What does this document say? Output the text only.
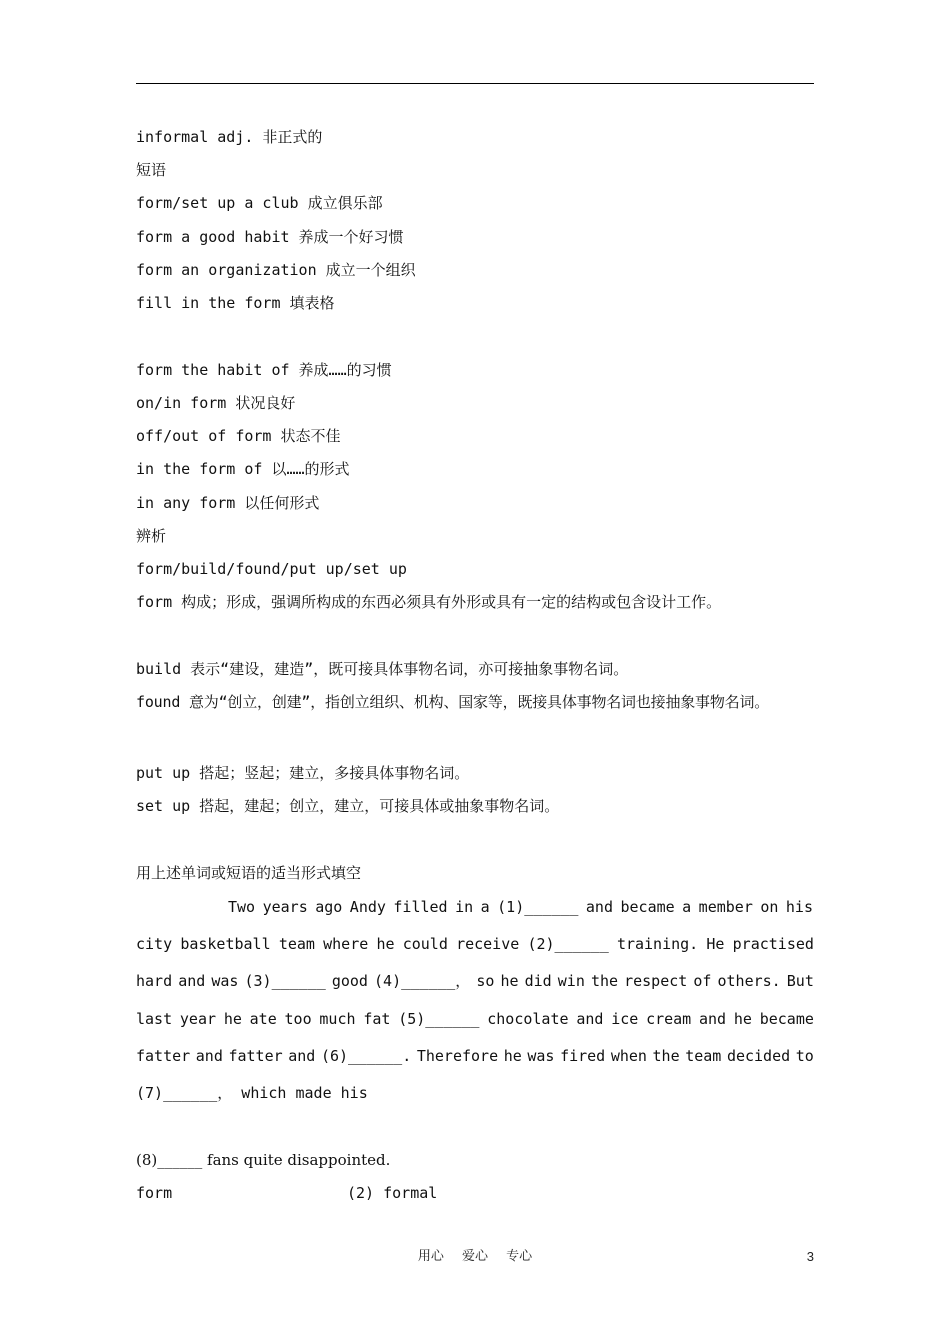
informal adj. 非正式的
短语
form/set up a club 成立俱乐部
form a good habit 养成一个好习惯
form an organization 成立一个组织
fill in the form 填表格
form the habit of 养成……的习惯
on/in form 状况良好
off/out of form 状态不佳
in the form of 以……的形式
in any form 以任何形式
辨析
form/build/found/put up/set up
form 构成；形成，强调所构成的东西必须具有外形或具有一定的结构或包含设计工作。
build 表示“建设，建造”，既可接具体事物名词，亦可接抽象事物名词。
found 意为“创立，创建”，指创立组织、机构、国家等，既接具体事物名词也接抽象事物名词。
put up 搭起；竖起；建立，多接具体事物名词。
set up 搭起，建起；创立，建立，可接具体或抽象事物名词。
用上述单词或短语的适当形式填空
Two years ago Andy filled in a (1)______ and became a member on his
city basketball team where he could receive (2)______ training. He practised
hard and was (3)______ good (4)______， so he did win the respect of others. But
last year he ate too much fat (5)______ chocolate and ice cream and he became
fatter and fatter and (6)______. Therefore he was fired when the team decided to
(7)______， which made his
(8)______ fans quite disappointed.
form	(2) formal
用心 爱心 专心	3
